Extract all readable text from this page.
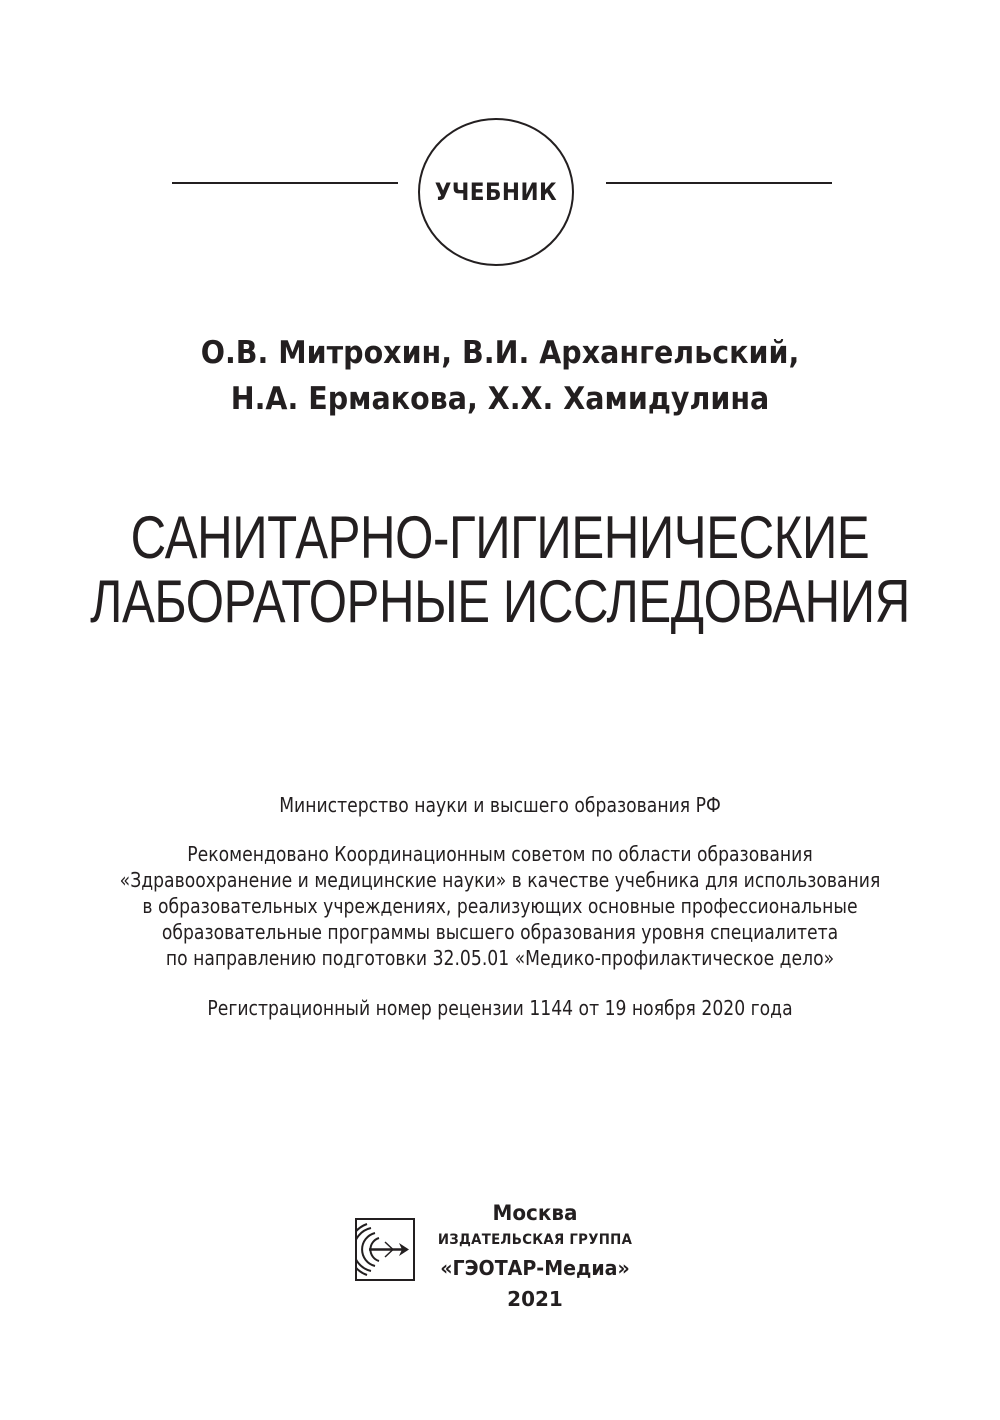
УЧЕБНИК
О.В. Митрохин, В.И. Архангельский,
Н.А. Ермакова, Х.Х. Хамидулина
САНИТАРНО-ГИГИЕНИЧЕСКИЕ
ЛАБОРАТОРНЫЕ ИССЛЕДОВАНИЯ
Министерство науки и высшего образования РФ
Рекомендовано Координационным советом по области образования
«Здравоохранение и медицинские науки» в качестве учебника для использования
в образовательных учреждениях, реализующих основные профессиональные
образовательные программы высшего образования уровня специалитета
по направлению подготовки 32.05.01 «Медико-профилактическое дело»
Регистрационный номер рецензии 1144 от 19 ноября 2020 года
Москва
ИЗДАТЕЛЬСКАЯ ГРУППА
«ГЭОТАР-Медиа»
2021
